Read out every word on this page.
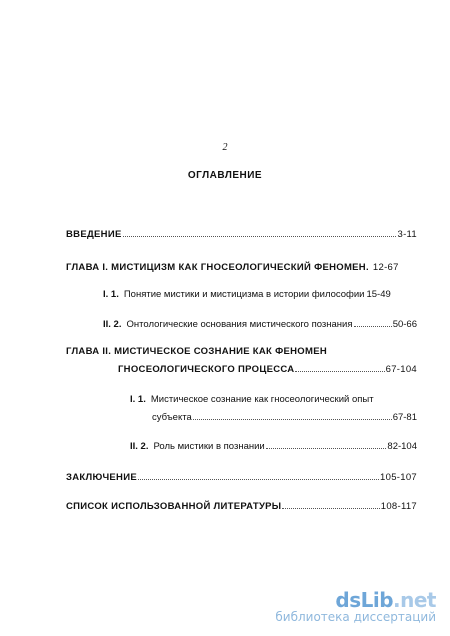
2
ОГЛАВЛЕНИЕ
ВВЕДЕНИЕ	3-11
ГЛАВА I. МИСТИЦИЗМ КАК ГНОСЕОЛОГИЧЕСКИЙ ФЕНОМЕН. 12-67
I. 1. Понятие мистики и мистицизма в истории философии 15-49
II. 2. Онтологические основания мистического познания	50-66
ГЛАВА II. МИСТИЧЕСКОЕ СОЗНАНИЕ КАК ФЕНОМЕН
ГНОСЕОЛОГИЧЕСКОГО ПРОЦЕССА	67-104
I. 1. Мистическое сознание как гносеологический опыт
субъекта	67-81
II. 2. Роль мистики в познании	82-104
ЗАКЛЮЧЕНИЕ	105-107
СПИСОК ИСПОЛЬЗОВАННОЙ ЛИТЕРАТУРЫ	108-117
dsLib.net
библиотека диссертаций
